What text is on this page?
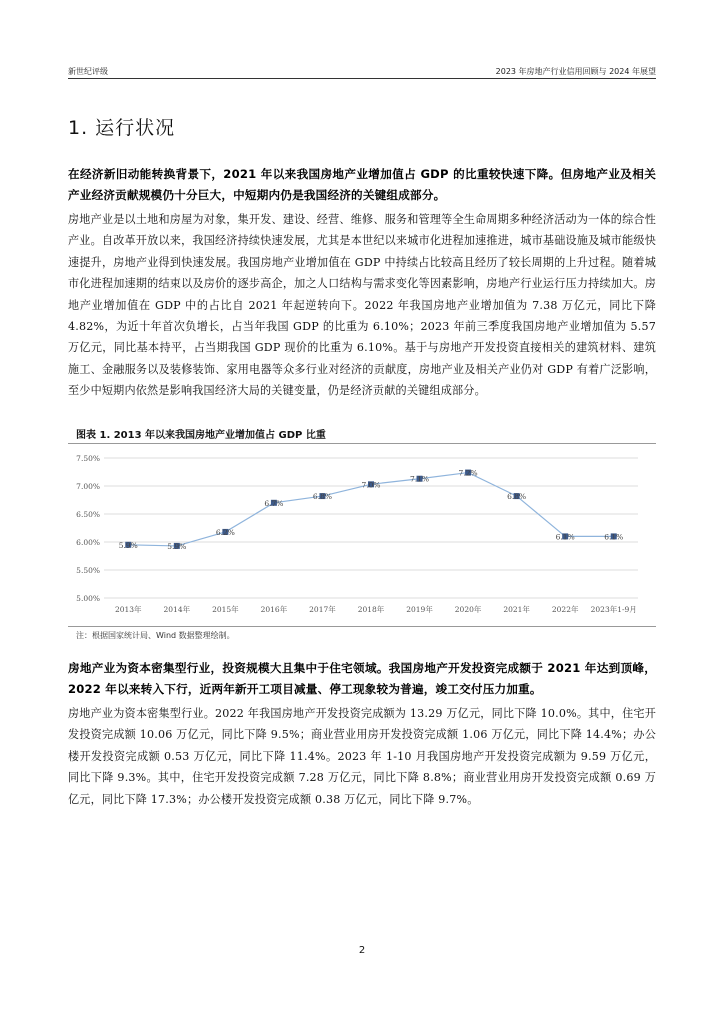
新世纪评级	2023 年房地产行业信用回顾与 2024 年展望
1. 运行状况

在经济新旧动能转换背景下，2021 年以来我国房地产业增加值占 GDP 的比重较快速下降。但房地产业及相关产业经济贡献规模仍十分巨大，中短期内仍是我国经济的关键组成部分。

房地产业是以土地和房屋为对象，集开发、建设、经营、维修、服务和管理等全生命周期多种经济活动为一体的综合性产业。自改革开放以来，我国经济持续快速发展，尤其是本世纪以来城市化进程加速推进，城市基础设施及城市能级快速提升，房地产业得到快速发展。我国房地产业增加值在 GDP 中持续占比较高且经历了较长周期的上升过程。随着城市化进程加速期的结束以及房价的逐步高企，加之人口结构与需求变化等因素影响，房地产行业运行压力持续加大。房地产业增加值在 GDP 中的占比自 2021 年起逆转向下。2022 年我国房地产业增加值为 7.38 万亿元，同比下降 4.82%，为近十年首次负增长，占当年我国 GDP 的比重为 6.10%；2023 年前三季度我国房地产业增加值为 5.57 万亿元，同比基本持平，占当期我国 GDP 现价的比重为 6.10%。基于与房地产开发投资直接相关的建筑材料、建筑施工、金融服务以及装修装饰、家用电器等众多行业对经济的贡献度，房地产业及相关产业仍对 GDP 有着广泛影响，至少中短期内依然是影响我国经济大局的关键变量，仍是经济贡献的关键组成部分。

图表 1. 2013 年以来我国房地产业增加值占 GDP 比重
5.00%
5.50%
6.00%
6.50%
7.00%
7.50%
2013年	2014年	2015年	2016年	2017年	2018年	2019年	2020年	2021年	2022年 2023年1-9月
5.9%	5.9%
6.2%
6.7%
6.8%
7.0%
7.1%
7.2%
6.8%
6.1%	6.1%
注：根据国家统计局、Wind 数据整理绘制。

房地产业为资本密集型行业，投资规模大且集中于住宅领域。我国房地产开发投资完成额于 2021 年达到顶峰，2022 年以来转入下行，近两年新开工项目减量、停工现象较为普遍，竣工交付压力加重。

房地产业为资本密集型行业。2022 年我国房地产开发投资完成额为 13.29 万亿元，同比下降 10.0%。其中，住宅开发投资完成额 10.06 万亿元，同比下降 9.5%；商业营业用房开发投资完成额 1.06 万亿元，同比下降 14.4%；办公楼开发投资完成额 0.53 万亿元，同比下降 11.4%。2023 年 1-10 月我国房地产开发投资完成额为 9.59 万亿元，同比下降 9.3%。其中，住宅开发投资完成额 7.28 万亿元，同比下降 8.8%；商业营业用房开发投资完成额 0.69 万亿元，同比下降 17.3%；办公楼开发投资完成额 0.38 万亿元，同比下降 9.7%。

2
